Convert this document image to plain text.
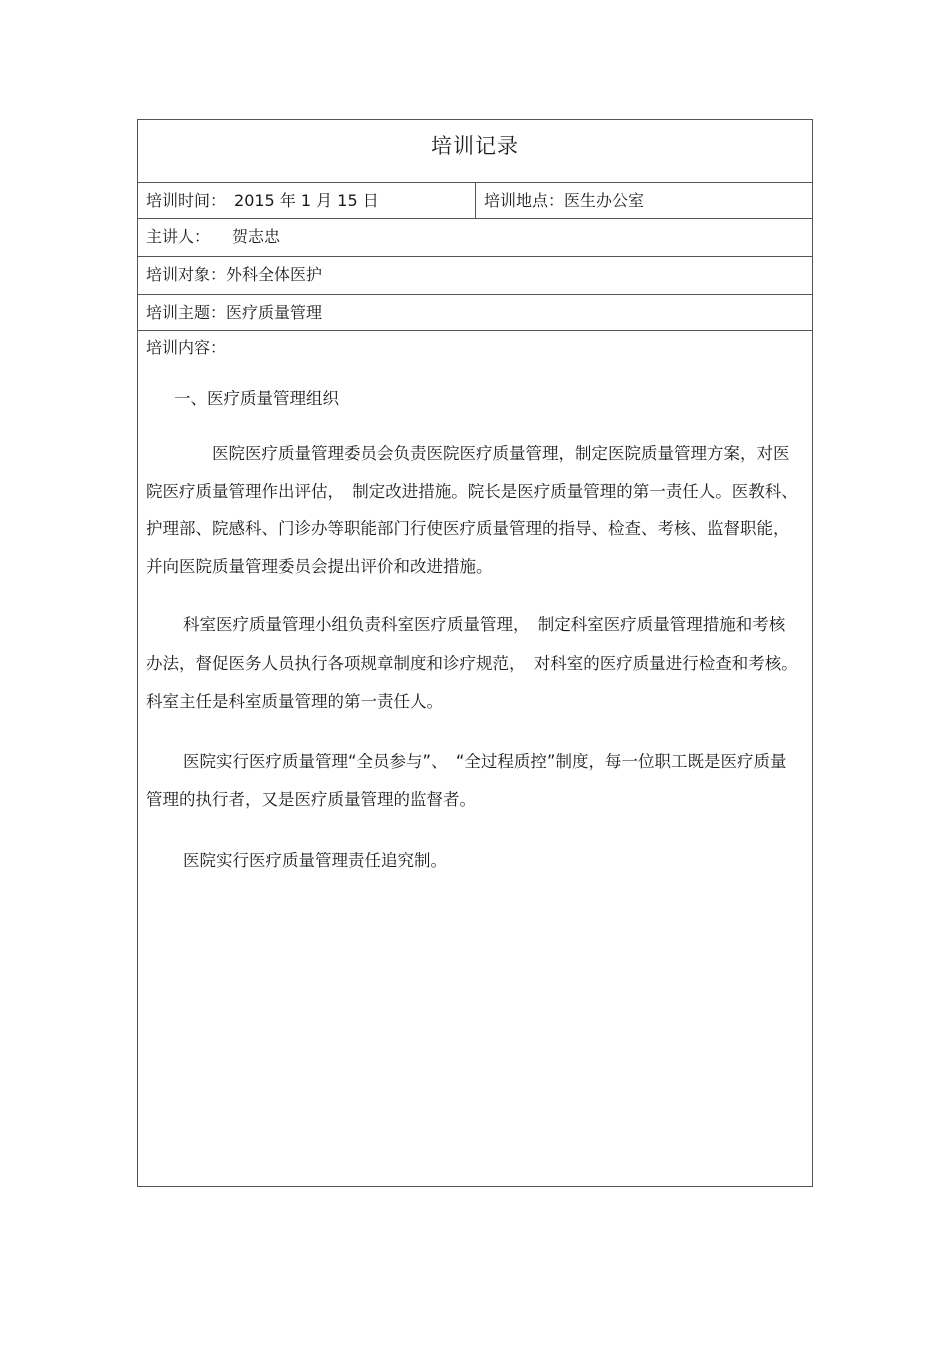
培训记录
培训时间： 2015 年 1 月 15 日	培训地点：医生办公室
主讲人： 贺志忠
培训对象：外科全体医护
培训主题：医疗质量管理
培训内容：
一、医疗质量管理组织
医院医疗质量管理委员会负责医院医疗质量管理，制定医院质量管理方案，对医院医疗质量管理作出评估，　制定改进措施。院长是医疗质量管理的第一责任人。医教科、护理部、院感科、门诊办等职能部门行使医疗质量管理的指导、检查、考核、监督职能，并向医院质量管理委员会提出评价和改进措施。
科室医疗质量管理小组负责科室医疗质量管理，　制定科室医疗质量管理措施和考核办法，督促医务人员执行各项规章制度和诊疗规范，　对科室的医疗质量进行检查和考核。科室主任是科室质量管理的第一责任人。
医院实行医疗质量管理“全员参与”、　“全过程质控”制度，每一位职工既是医疗质量管理的执行者，又是医疗质量管理的监督者。
医院实行医疗质量管理责任追究制。
